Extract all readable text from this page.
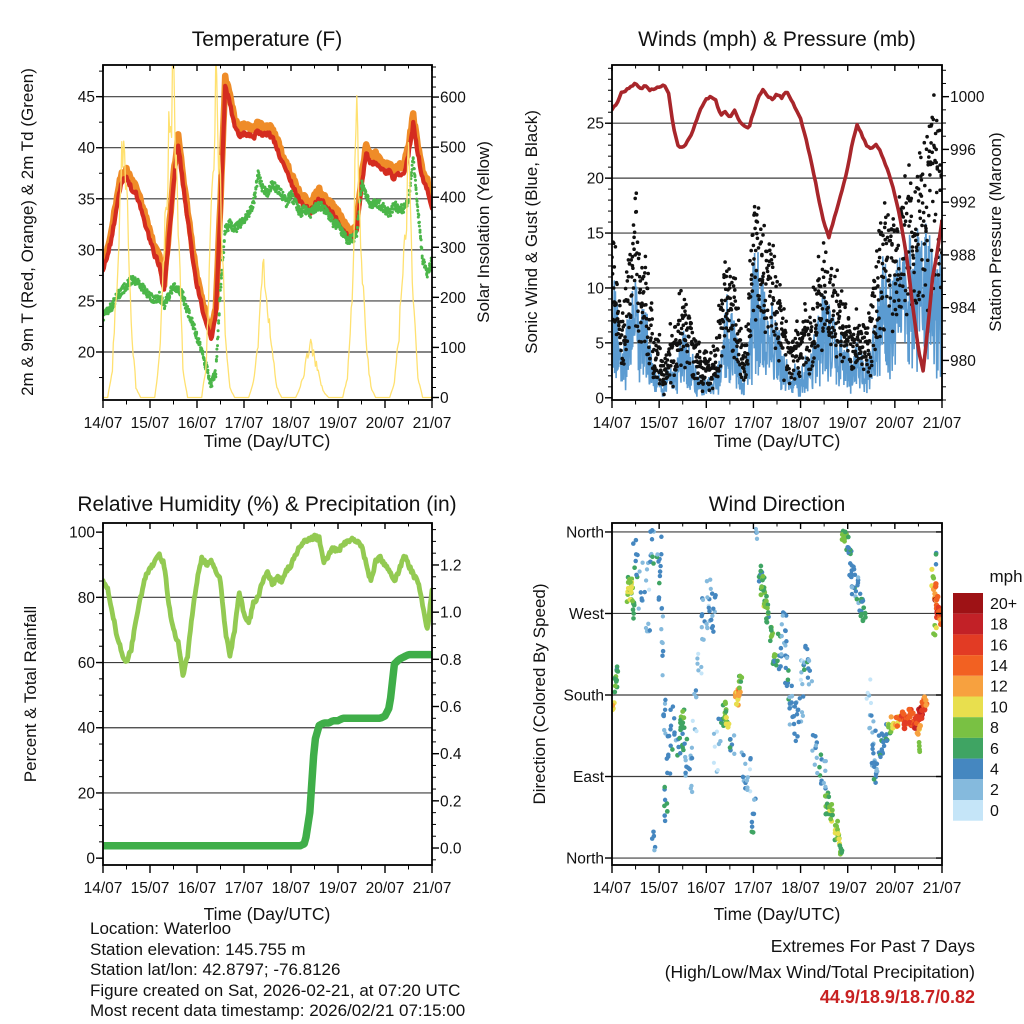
14/07 15/07 16/07 17/07 18/07 19/07 20/07 21/07
20
25
30
35
40
45
0
100
200
300
400
500
600
Temperature (F)
Time (Day/UTC)
2m & 9m T (Red, Orange) & 2m Td (Green)	Solar Insolation (Yellow)
14/07 15/07 16/07 17/07 18/07 19/07 20/07 21/07
0
5
10
15
20
25
980
984
988
992
996
1000
Winds (mph) & Pressure (mb)
Time (Day/UTC)
Sonic Wind & Gust (Blue, Black)	Station Pressure (Maroon)
14/07 15/07 16/07 17/07 18/07 19/07 20/07 21/07
0
20
40
60
80
100
0.0
0.2
0.4
0.6
0.8
1.0
1.2
Relative Humidity (%) & Precipitation (in)
Time (Day/UTC)
Percent & Total Rainfall
14/07 15/07 16/07 17/07 18/07 19/07 20/07 21/07
North
West
South
East
North
Wind Direction
Time (Day/UTC)
Direction (Colored By Speed)
mph
20+
18
16
14
12
10
8
6
4
2
0
Location: Waterloo
Station elevation: 145.755 m
Station lat/lon: 42.8797; -76.8126
Figure created on Sat, 2026-02-21, at 07:20 UTC
Most recent data timestamp: 2026/02/21 07:15:00
Extremes For Past 7 Days
(High/Low/Max Wind/Total Precipitation)
44.9/18.9/18.7/0.82
